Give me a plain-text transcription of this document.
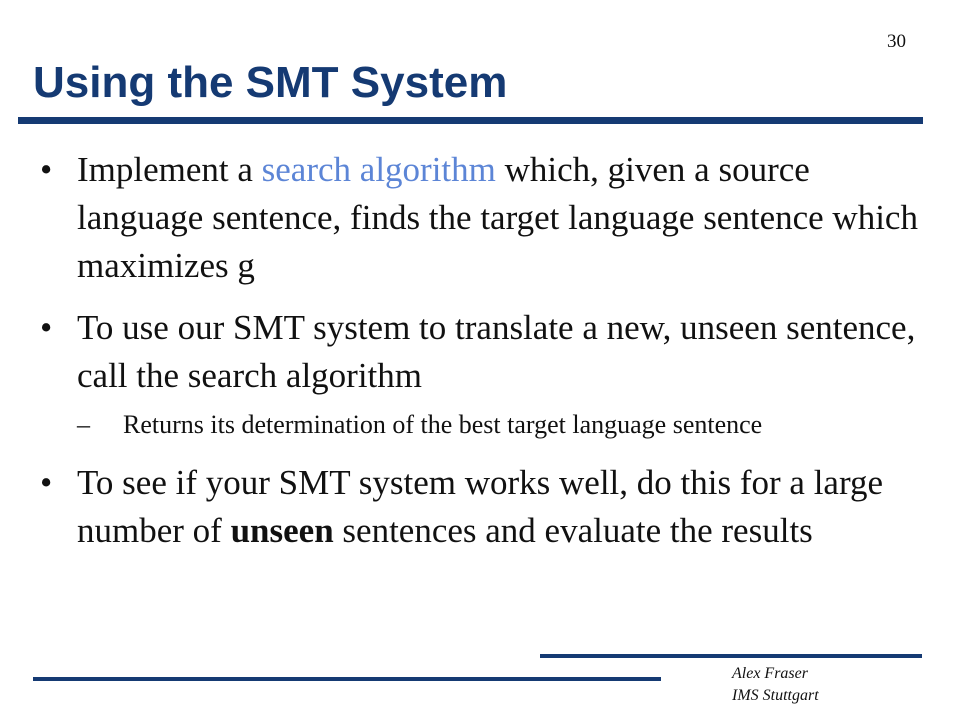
30
Using the SMT System
• Implement a search algorithm which, given a source language sentence, finds the target language sentence which maximizes g
• To use our SMT system to translate a new, unseen sentence, call the search algorithm
– Returns its determination of the best target language sentence
• To see if your SMT system works well, do this for a large number of unseen sentences and evaluate the results
Alex Fraser
IMS Stuttgart
